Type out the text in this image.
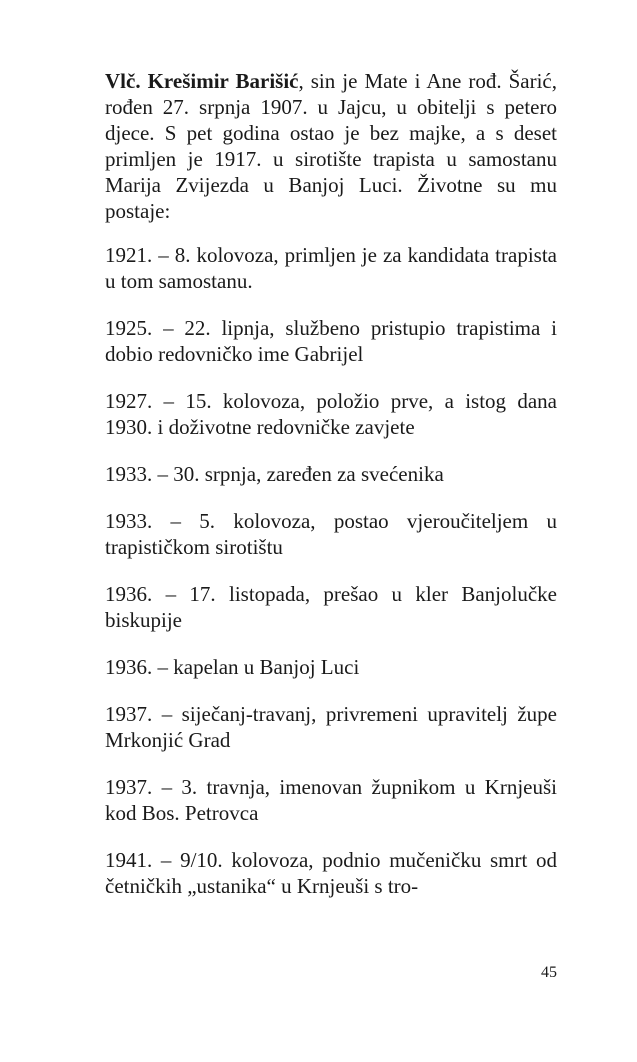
Vlč. Krešimir Barišić, sin je Mate i Ane rođ. Šarić, rođen 27. srpnja 1907. u Jajcu, u obitelji s petero djece. S pet godina ostao je bez majke, a s deset primljen je 1917. u sirotište trapista u samostanu Marija Zvijezda u Banjoj Luci. Životne su mu postaje:

1921. – 8. kolovoza, primljen je za kandidata trapista u tom samostanu.

1925. – 22. lipnja, službeno pristupio trapistima i dobio redovničko ime Gabrijel

1927. – 15. kolovoza, položio prve, a istog dana 1930. i doživotne redovničke zavjete

1933. – 30. srpnja, zaređen za svećenika

1933. – 5. kolovoza, postao vjeroučiteljem u trapističkom sirotištu

1936. – 17. listopada, prešao u kler Banjolučke biskupije

1936. – kapelan u Banjoj Luci

1937. – siječanj-travanj, privremeni upravitelj župe Mrkonjić Grad

1937. – 3. travnja, imenovan župnikom u Krnjeuši kod Bos. Petrovca

1941. – 9/10. kolovoza, podnio mučeničku smrt od četničkih „ustanika“ u Krnjeuši s tro-

45
